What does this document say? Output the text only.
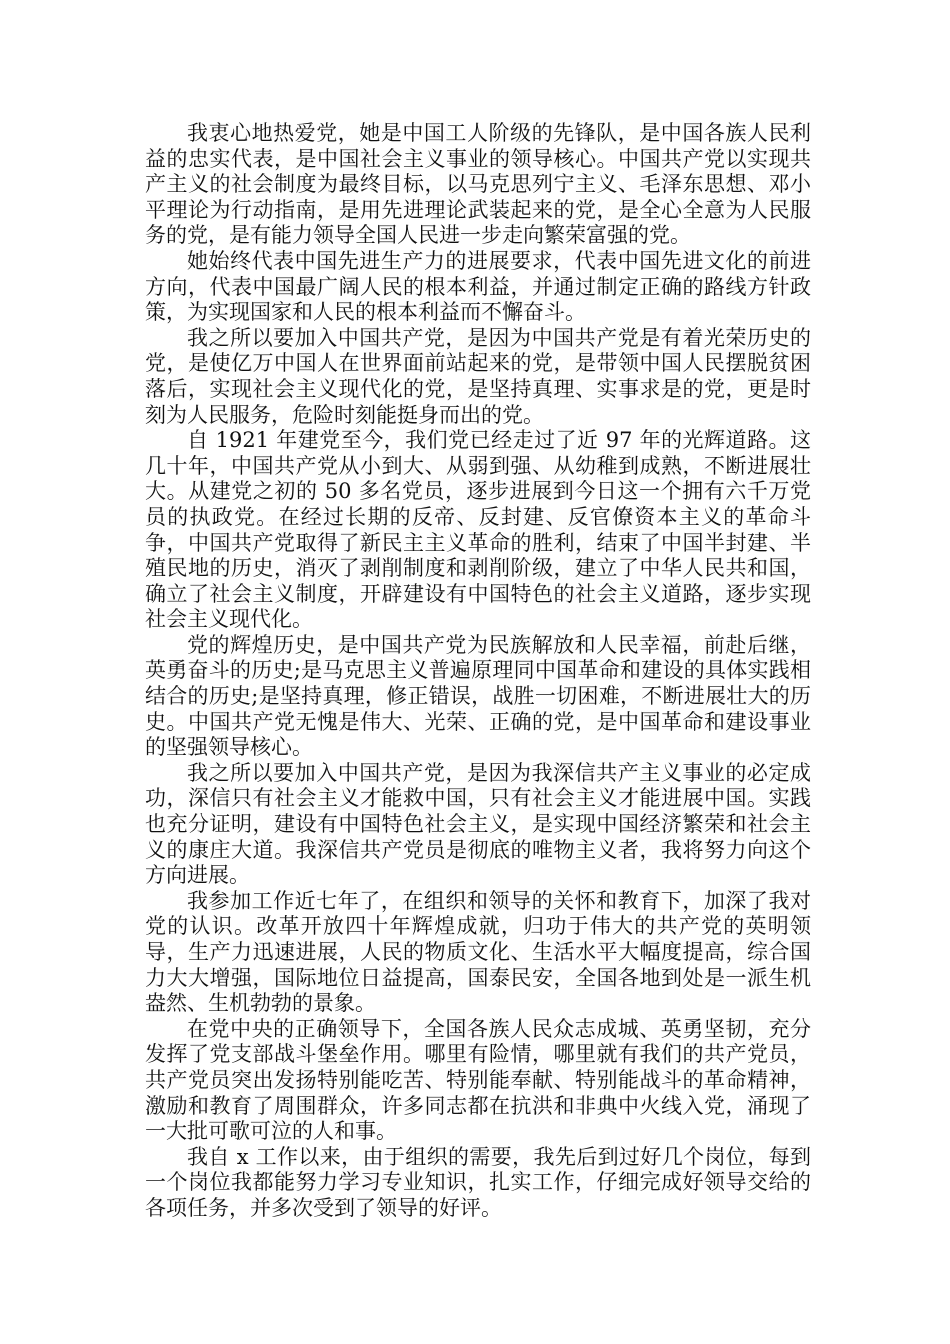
我衷心地热爱党，她是中国工人阶级的先锋队，是中国各族人民利益的忠实代表，是中国社会主义事业的领导核心。中国共产党以实现共产主义的社会制度为最终目标，以马克思列宁主义、毛泽东思想、邓小平理论为行动指南，是用先进理论武装起来的党，是全心全意为人民服务的党，是有能力领导全国人民进一步走向繁荣富强的党。

她始终代表中国先进生产力的进展要求，代表中国先进文化的前进方向，代表中国最广阔人民的根本利益，并通过制定正确的路线方针政策，为实现国家和人民的根本利益而不懈奋斗。

我之所以要加入中国共产党，是因为中国共产党是有着光荣历史的党，是使亿万中国人在世界面前站起来的党，是带领中国人民摆脱贫困落后，实现社会主义现代化的党，是坚持真理、实事求是的党，更是时刻为人民服务，危险时刻能挺身而出的党。

自 1921 年建党至今，我们党已经走过了近 97 年的光辉道路。这几十年，中国共产党从小到大、从弱到强、从幼稚到成熟，不断进展壮大。从建党之初的 50 多名党员，逐步进展到今日这一个拥有六千万党员的执政党。在经过长期的反帝、反封建、反官僚资本主义的革命斗争，中国共产党取得了新民主主义革命的胜利，结束了中国半封建、半殖民地的历史，消灭了剥削制度和剥削阶级，建立了中华人民共和国，确立了社会主义制度，开辟建设有中国特色的社会主义道路，逐步实现社会主义现代化。

党的辉煌历史，是中国共产党为民族解放和人民幸福，前赴后继，英勇奋斗的历史;是马克思主义普遍原理同中国革命和建设的具体实践相结合的历史;是坚持真理，修正错误，战胜一切困难，不断进展壮大的历史。中国共产党无愧是伟大、光荣、正确的党，是中国革命和建设事业的坚强领导核心。

我之所以要加入中国共产党，是因为我深信共产主义事业的必定成功，深信只有社会主义才能救中国，只有社会主义才能进展中国。实践也充分证明，建设有中国特色社会主义，是实现中国经济繁荣和社会主义的康庄大道。我深信共产党员是彻底的唯物主义者，我将努力向这个方向进展。

我参加工作近七年了，在组织和领导的关怀和教育下，加深了我对党的认识。改革开放四十年辉煌成就，归功于伟大的共产党的英明领导，生产力迅速进展，人民的物质文化、生活水平大幅度提高，综合国力大大增强，国际地位日益提高，国泰民安，全国各地到处是一派生机盎然、生机勃勃的景象。

在党中央的正确领导下，全国各族人民众志成城、英勇坚韧，充分发挥了党支部战斗堡垒作用。哪里有险情，哪里就有我们的共产党员，共产党员突出发扬特别能吃苦、特别能奉献、特别能战斗的革命精神，激励和教育了周围群众，许多同志都在抗洪和非典中火线入党，涌现了一大批可歌可泣的人和事。

我自 x 工作以来，由于组织的需要，我先后到过好几个岗位，每到一个岗位我都能努力学习专业知识，扎实工作，仔细完成好领导交给的各项任务，并多次受到了领导的好评。
